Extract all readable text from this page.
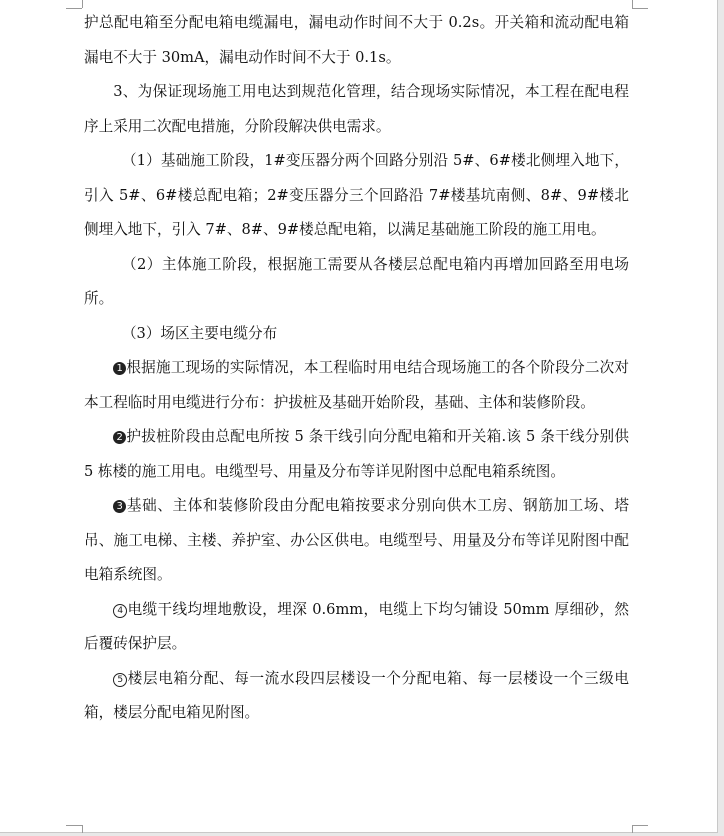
护总配电箱至分配电箱电缆漏电，漏电动作时间不大于 0.2s。开关箱和流动配电箱漏电不大于 30mA，漏电动作时间不大于 0.1s。

3、为保证现场施工用电达到规范化管理，结合现场实际情况，本工程在配电程序上采用二次配电措施，分阶段解决供电需求。

（1）基础施工阶段，1#变压器分两个回路分别沿 5#、6#楼北侧埋入地下，引入 5#、6#楼总配电箱；2#变压器分三个回路沿 7#楼基坑南侧、8#、9#楼北侧埋入地下，引入 7#、8#、9#楼总配电箱，以满足基础施工阶段的施工用电。

（2）主体施工阶段，根据施工需要从各楼层总配电箱内再增加回路至用电场所。

（3）场区主要电缆分布

1 根据施工现场的实际情况，本工程临时用电结合现场施工的各个阶段分二次对本工程临时用电缆进行分布：护拔桩及基础开始阶段，基础、主体和装修阶段。

2 护拔桩阶段由总配电所按 5 条干线引向分配电箱和开关箱.该 5 条干线分别供 5 栋楼的施工用电。电缆型号、用量及分布等详见附图中总配电箱系统图。

3 基础、主体和装修阶段由分配电箱按要求分别向供木工房、钢筋加工场、塔吊、施工电梯、主楼、养护室、办公区供电。电缆型号、用量及分布等详见附图中配电箱系统图。

4 电缆干线均埋地敷设，埋深 0.6mm，电缆上下均匀铺设 50mm 厚细砂，然后覆砖保护层。

5 楼层电箱分配、每一流水段四层楼设一个分配电箱、每一层楼设一个三级电箱，楼层分配电箱见附图。
